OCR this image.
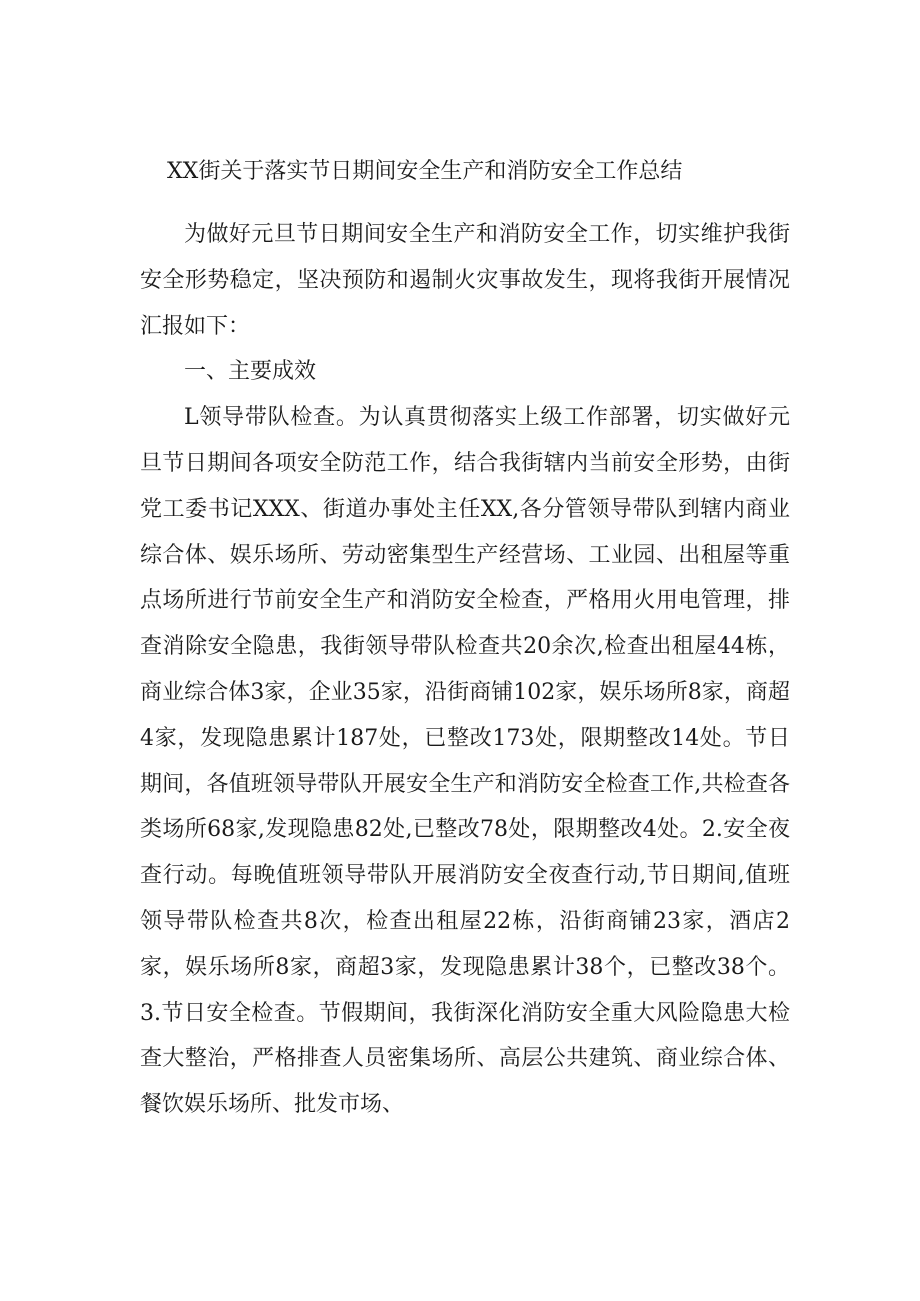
XX街关于落实节日期间安全生产和消防安全工作总结

为做好元旦节日期间安全生产和消防安全工作，切实维护我街安全形势稳定，坚决预防和遏制火灾事故发生，现将我街开展情况汇报如下：

一、主要成效

L领导带队检查。为认真贯彻落实上级工作部署，切实做好元旦节日期间各项安全防范工作，结合我街辖内当前安全形势，由街党工委书记XXX、街道办事处主任XX,各分管领导带队到辖内商业综合体、娱乐场所、劳动密集型生产经营场、工业园、出租屋等重点场所进行节前安全生产和消防安全检查，严格用火用电管理，排查消除安全隐患，我街领导带队检查共20余次,检查出租屋44栋，商业综合体3家，企业35家，沿街商铺102家，娱乐场所8家，商超4家，发现隐患累计187处，已整改173处，限期整改14处。节日期间，各值班领导带队开展安全生产和消防安全检查工作,共检查各类场所68家,发现隐患82处,已整改78处，限期整改4处。2.安全夜查行动。每晚值班领导带队开展消防安全夜查行动,节日期间,值班领导带队检查共8次，检查出租屋22栋，沿街商铺23家，酒店2家，娱乐场所8家，商超3家，发现隐患累计38个，已整改38个。3.节日安全检查。节假期间，我街深化消防安全重大风险隐患大检查大整治，严格排查人员密集场所、高层公共建筑、商业综合体、餐饮娱乐场所、批发市场、
